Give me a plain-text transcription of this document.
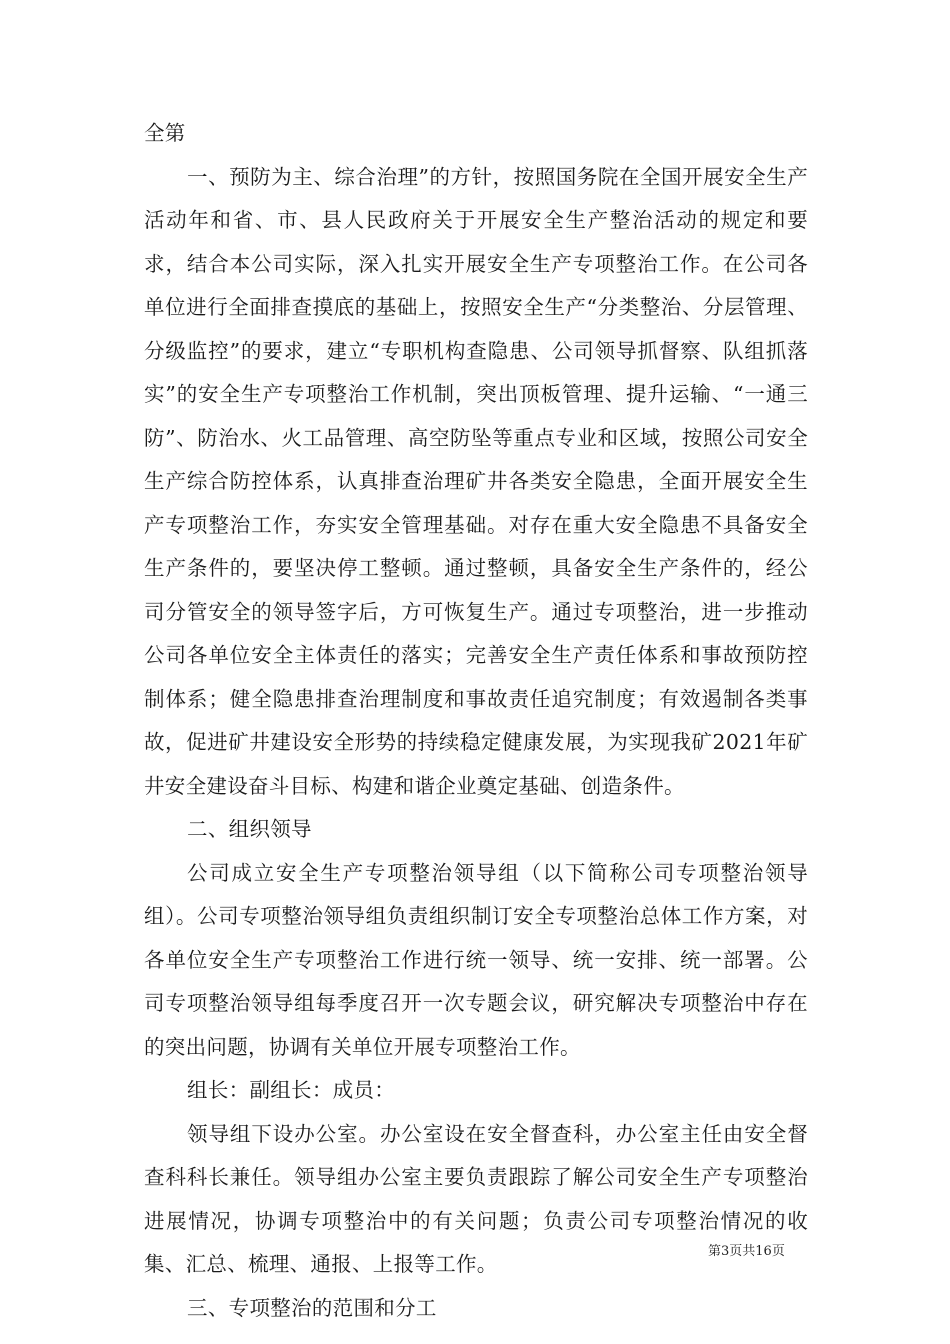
全第

一、预防为主、综合治理”的方针，按照国务院在全国开展安全生产活动年和省、市、县人民政府关于开展安全生产整治活动的规定和要求，结合本公司实际，深入扎实开展安全生产专项整治工作。在公司各单位进行全面排查摸底的基础上，按照安全生产“分类整治、分层管理、分级监控”的要求，建立“专职机构查隐患、公司领导抓督察、队组抓落实”的安全生产专项整治工作机制，突出顶板管理、提升运输、“一通三防”、防治水、火工品管理、高空防坠等重点专业和区域，按照公司安全生产综合防控体系，认真排查治理矿井各类安全隐患，全面开展安全生产专项整治工作，夯实安全管理基础。对存在重大安全隐患不具备安全生产条件的，要坚决停工整顿。通过整顿，具备安全生产条件的，经公司分管安全的领导签字后，方可恢复生产。通过专项整治，进一步推动公司各单位安全主体责任的落实；完善安全生产责任体系和事故预防控制体系；健全隐患排查治理制度和事故责任追究制度；有效遏制各类事故，促进矿井建设安全形势的持续稳定健康发展，为实现我矿2021年矿井安全建设奋斗目标、构建和谐企业奠定基础、创造条件。

二、组织领导

公司成立安全生产专项整治领导组（以下简称公司专项整治领导组）。公司专项整治领导组负责组织制订安全专项整治总体工作方案，对各单位安全生产专项整治工作进行统一领导、统一安排、统一部署。公司专项整治领导组每季度召开一次专题会议，研究解决专项整治中存在的突出问题，协调有关单位开展专项整治工作。

组长：副组长：成员：

领导组下设办公室。办公室设在安全督查科，办公室主任由安全督查科科长兼任。领导组办公室主要负责跟踪了解公司安全生产专项整治进展情况，协调专项整治中的有关问题；负责公司专项整治情况的收集、汇总、梳理、通报、上报等工作。

三、专项整治的范围和分工

第3页共16页
